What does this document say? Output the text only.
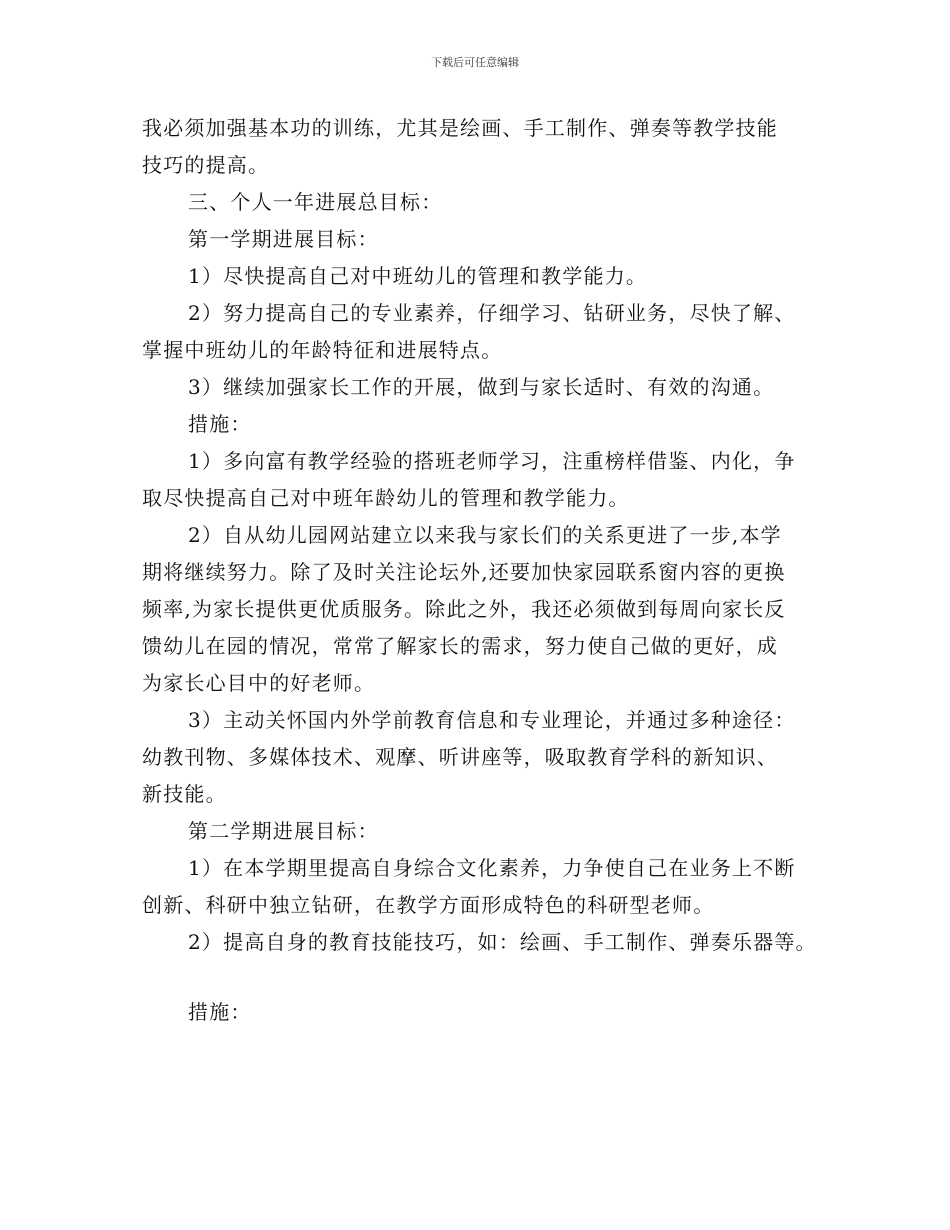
下载后可任意编辑
我必须加强基本功的训练，尤其是绘画、手工制作、弹奏等教学技能
技巧的提高。
三、个人一年进展总目标：
第一学期进展目标：
1）尽快提高自己对中班幼儿的管理和教学能力。
2）努力提高自己的专业素养，仔细学习、钻研业务，尽快了解、
掌握中班幼儿的年龄特征和进展特点。
3）继续加强家长工作的开展，做到与家长适时、有效的沟通。
措施：
1）多向富有教学经验的搭班老师学习，注重榜样借鉴、内化，争
取尽快提高自己对中班年龄幼儿的管理和教学能力。
2）自从幼儿园网站建立以来我与家长们的关系更进了一步,本学
期将继续努力。除了及时关注论坛外,还要加快家园联系窗内容的更换
频率,为家长提供更优质服务。除此之外，我还必须做到每周向家长反
馈幼儿在园的情况，常常了解家长的需求，努力使自己做的更好，成
为家长心目中的好老师。
3）主动关怀国内外学前教育信息和专业理论，并通过多种途径：
幼教刊物、多媒体技术、观摩、听讲座等，吸取教育学科的新知识、
新技能。
第二学期进展目标：
1）在本学期里提高自身综合文化素养，力争使自己在业务上不断
创新、科研中独立钻研，在教学方面形成特色的科研型老师。
2）提高自身的教育技能技巧，如：绘画、手工制作、弹奏乐器等。
措施：
